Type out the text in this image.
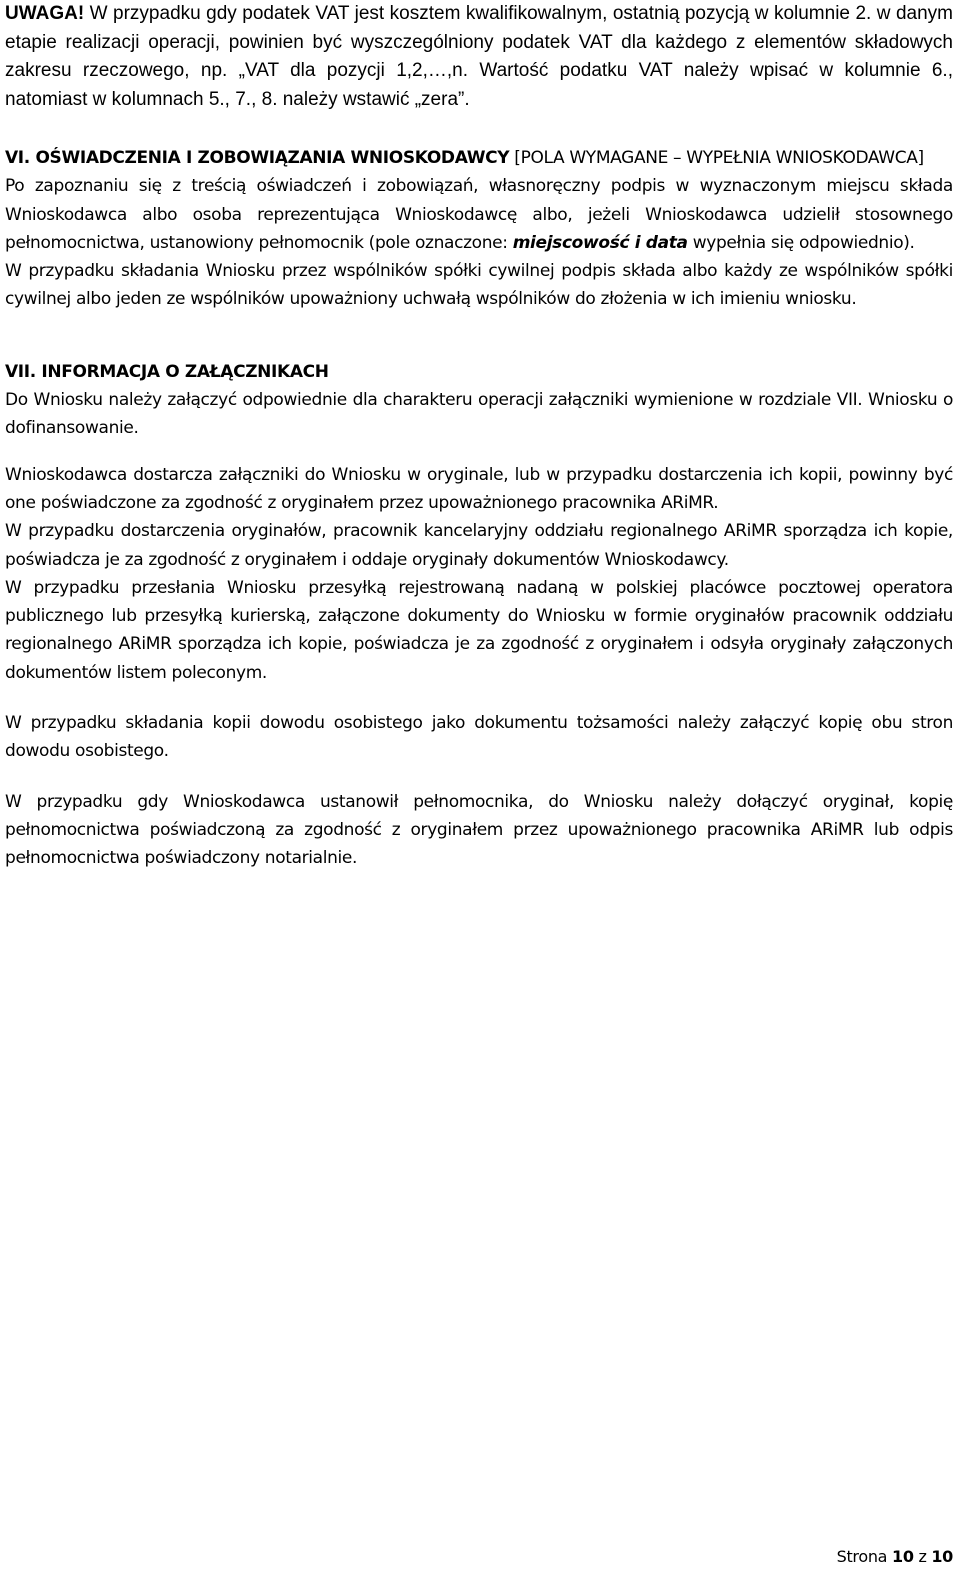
UWAGA! W przypadku gdy podatek VAT jest kosztem kwalifikowalnym, ostatnią pozycją w kolumnie 2. w danym etapie realizacji operacji, powinien być wyszczególniony podatek VAT dla każdego z elementów składowych zakresu rzeczowego, np. „VAT dla pozycji 1,2,…,n. Wartość podatku VAT należy wpisać w kolumnie 6., natomiast w kolumnach 5., 7., 8. należy wstawić „zera”.

VI. OŚWIADCZENIA I ZOBOWIĄZANIA WNIOSKODAWCY [POLA WYMAGANE – WYPEŁNIA WNIOSKODAWCA]

Po zapoznaniu się z treścią oświadczeń i zobowiązań, własnoręczny podpis w wyznaczonym miejscu składa Wnioskodawca albo osoba reprezentująca Wnioskodawcę albo, jeżeli Wnioskodawca udzielił stosownego pełnomocnictwa, ustanowiony pełnomocnik (pole oznaczone: miejscowość i data wypełnia się odpowiednio).

W przypadku składania Wniosku przez wspólników spółki cywilnej podpis składa albo każdy ze wspólników spółki cywilnej albo jeden ze wspólników upoważniony uchwałą wspólników do złożenia w ich imieniu wniosku.

VII. INFORMACJA O ZAŁĄCZNIKACH

Do Wniosku należy załączyć odpowiednie dla charakteru operacji załączniki wymienione w rozdziale VII. Wniosku o dofinansowanie.

Wnioskodawca dostarcza załączniki do Wniosku w oryginale, lub w przypadku dostarczenia ich kopii, powinny być one poświadczone za zgodność z oryginałem przez upoważnionego pracownika ARiMR.

W przypadku dostarczenia oryginałów, pracownik kancelaryjny oddziału regionalnego ARiMR sporządza ich kopie, poświadcza je za zgodność z oryginałem i oddaje oryginały dokumentów Wnioskodawcy.

W przypadku przesłania Wniosku przesyłką rejestrowaną nadaną w polskiej placówce pocztowej operatora publicznego lub przesyłką kurierską, załączone dokumenty do Wniosku w formie oryginałów pracownik oddziału regionalnego ARiMR sporządza ich kopie, poświadcza je za zgodność z oryginałem i odsyła oryginały załączonych dokumentów listem poleconym.

W przypadku składania kopii dowodu osobistego jako dokumentu tożsamości należy załączyć kopię obu stron dowodu osobistego.

W przypadku gdy Wnioskodawca ustanowił pełnomocnika, do Wniosku należy dołączyć oryginał, kopię pełnomocnictwa poświadczoną za zgodność z oryginałem przez upoważnionego pracownika ARiMR lub odpis pełnomocnictwa poświadczony notarialnie.

Strona 10 z 10
